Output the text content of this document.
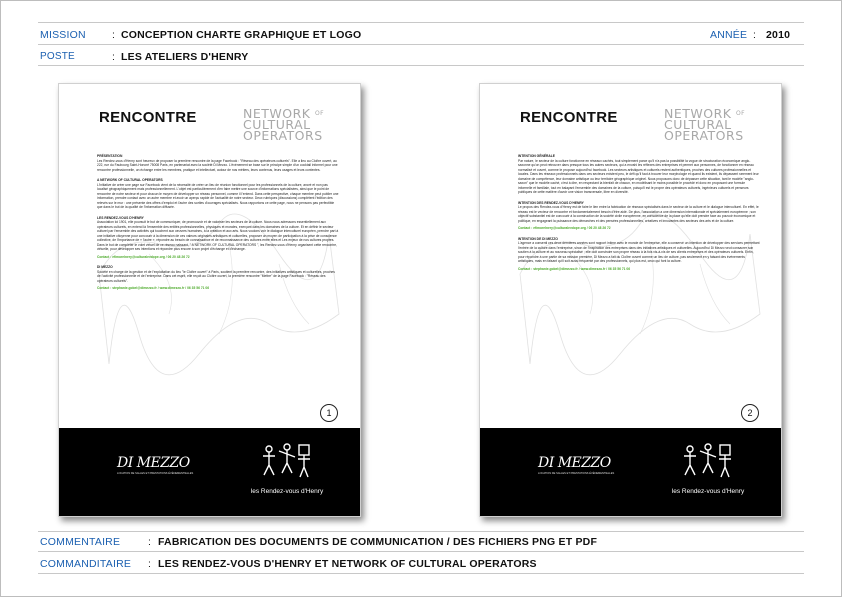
MISSION	: CONCEPTION CHARTE GRAPHIQUE ET LOGO	ANNÉE : 2010
POSTE	: LES ATELIERS D'HENRY
RENCONTRE	NETWORK $^{OF}$
CULTURAL
OPERATORS
PRÉSENTATION

Les Rendez-vous d'Henry sont heureux de proposer la première rencontre de la page Facebook : "Réseau des opérateurs culturels". Elle a lieu au Cloître ouvert, au 222, rue du Faubourg Saint-Honoré 75008 Paris, en partenariat avec la société Di Mezzo. L'événement se base sur le principe simple d'un cocktail informel pour une rencontre professionnelle, un échange entre les membres, pratique et intellectuel, autour de nos métiers, leurs contenus, leurs usages et leurs contextes.

A NETWORK OF CULTURAL OPERATORS

L'initiative de créer une page sur Facebook vient de la nécessité de créer un lieu de réunion fonctionnel pour les professionnels de la culture, ancré et non pas localisé géographiquement mais professionnellement. L'objet est particulièrement d'en faire mettre une source d'informations spécialisées, ainsi que le point de rencontre de notre secteur et pour chacun le moyen de développer un réseau personnel, comme il l'entend. Dans cette perspective, chaque membre peut publier une information, prendre contact avec un autre membre et avoir un aperçu rapide de l'actualité de notre secteur. Deux rubriques (discussions) complètent l'édition des relevés sur le mur : une présente des offres d'emploi et l'autre des sorties d'ouvrages spécialisés. Nous rapportons ce cette page, nous ne pensons pas perfectible que dans le but de la qualité de l'information diffusée.

LES RENDEZ-VOUS D'HENRY

Association loi 1901, elle poursuit le but de communiquer, de promouvoir et de valoriser les secteurs de la culture. Nous nous adressons essentiellement aux opérateurs culturels, en entend là l'ensemble des entités professionnelles, physiques et morales, exerçant dans les domaines de la culture. Et en définir le secteur culturel par l'ensemble des activités qui touchent aux oeuvres humaines, à la création et aux arts. Nous voulons voir le dialogue interculturel européen, prendre part à une initiative citoyenne pour concourir à la dimension de ces valeurs originales artistiques et culturelles, proposer un moyen de participation à la prise de conscience collective, de l'importance de « l'autre », répondre au besoin de connaissance et de reconnaissance des cultures entre elles et Les enjeux de nos cultures propres. Dans le but de compléter le volet virtuel de ce réseau naissant, " A NETWORK OF CULTURAL OPERATORS ", les Rendez-vous d'Henry organisent cette rencontre, virtuelle, pour développer ses intentions et répondre plus encore à son projet d'échange et d'échange.

Contact : efimorelnery@culturalevdope.org / 06 20 48 26 72

DI MEZZO

Société en charge de la gestion et de l'exploitation du lieu "le Cloître ouvert" à Paris, soutient la première rencontre, des initiatives artistiques et culturelles, proches de l'activité professionnelle et de l'entreprise. Dans cet esprit, elle reçoit au Cloître ouvert, la première rencontre "Mettre" de la page Facebook : "Réseau des opérateurs culturels".

Contact : stephanie.gobel@dimezzo.fr / www.dimezzo.fr / 06 35 56 71 06

1
DI MEZZO
LOCATION DE SALLES ET PRESTATIONS ÉVÉNEMENTIELLES
les Rendez-vous d'Henry
RENCONTRE	NETWORK $^{OF}$
CULTURAL
OPERATORS
INTENTION GÉNÉRALE

Par nature, le secteur de la culture fonctionne en réseaux cachés, tout simplement parce qu'il n'a pas la possibilité la vogue de structuration économique anglo-saxonne qu'on peut retrouver dans presque tous les autres secteurs, qui a envahi les réflexes des entreprises et permet aux personnes, de fonctionner en réseau normalisé et ouvert, comme le propose aujourd'hui facebook. Les secteurs artistiques et culturels restent authentiques, proches des cultures professionnelles et locales. Dans les réseaux professionnels dans ces secteurs existent peu, le défi qu'il faut à trouver leur morphologie et quand ils existent, ils dépassent rarement leur domaine de compétence, leur domaine artistique ou leur territoire géographique originel. Nous proposons donc de dépasser cette situation, tant le modèle "anglo-saxon" que le modèle caché, c'est à dire, en respectant la bienfait de chacun, en modélisant le moins possible le procédé et donc en proposant une formule informelle et familiale, tout en balayant l'ensemble des domaines de la culture, puisqu'il est le propre des opérateurs culturels, ingénieurs culturels et penseurs publiques de cette matière d'avoir une vision transversale, libre en diversité.

INTENTION DES RENDEZ-VOUS D'HENRY

Le propos des Rendez-vous d'Henry est de faire le lien entre la fabrication de réseaux spécialisés dans le secteur de la culture et le dialogue interculturel. En effet, le réseau est le vecteur de rencontre et fondamentalement besoin d'être aidé. De plus, l'association a une dimension internationale et spécialement européenne ; son objectif substantiel est de concourir à la construction de la société civile européenne, en conscience de la place qu'elle doit prendre face au pouvoir économique et politique, en engageant la puissance des démarches et des pensées professionnelles, créatives et innovantes des secteurs des arts et de la culture.

Contact : efimorelnery@culturalevdope.org / 06 20 48 26 72

INTENTION DE DI MEZZO

L'agence a consenti ces deux dernières années sont rapport intime avec le monde de l'entreprise, elle a conservé un intention de développer des services permettant l'entrée de la culture dans l'entreprise, sinon de l'inspiration des entreprises dans des initiatives artistiques et culturelles. Aujourd'hui Di Mezzo veut consacrer son soutien à la culture et au nouveau spécialisé ; elle doit construire son propre réseau à la fois vis-à-vis de ses clients entreprises et des opérateurs culturels. Enfin, pour répondre à une partie de sa mission première, Di Mezzo a fait du Cloître ouvert comme un lieu de culture, pas seulement en y faisant des événements artistiques, mais en faisant qu'il soit aussi fréquenté par des professionnels, qui plus est, ceux qui font la culture.

Contact : stephanie.gobel@dimezzo.fr / www.dimezzo.fr / 06 35 56 71 06

2
DI MEZZO
LOCATION DE SALLES ET PRESTATIONS ÉVÉNEMENTIELLES
les Rendez-vous d'Henry
COMMENTAIRE	: FABRICATION DES DOCUMENTS DE COMMUNICATION / DES FICHIERS PNG ET PDF
COMMANDITAIRE : LES RENDEZ-VOUS D'HENRY ET NETWORK OF CULTURAL OPERATORS
